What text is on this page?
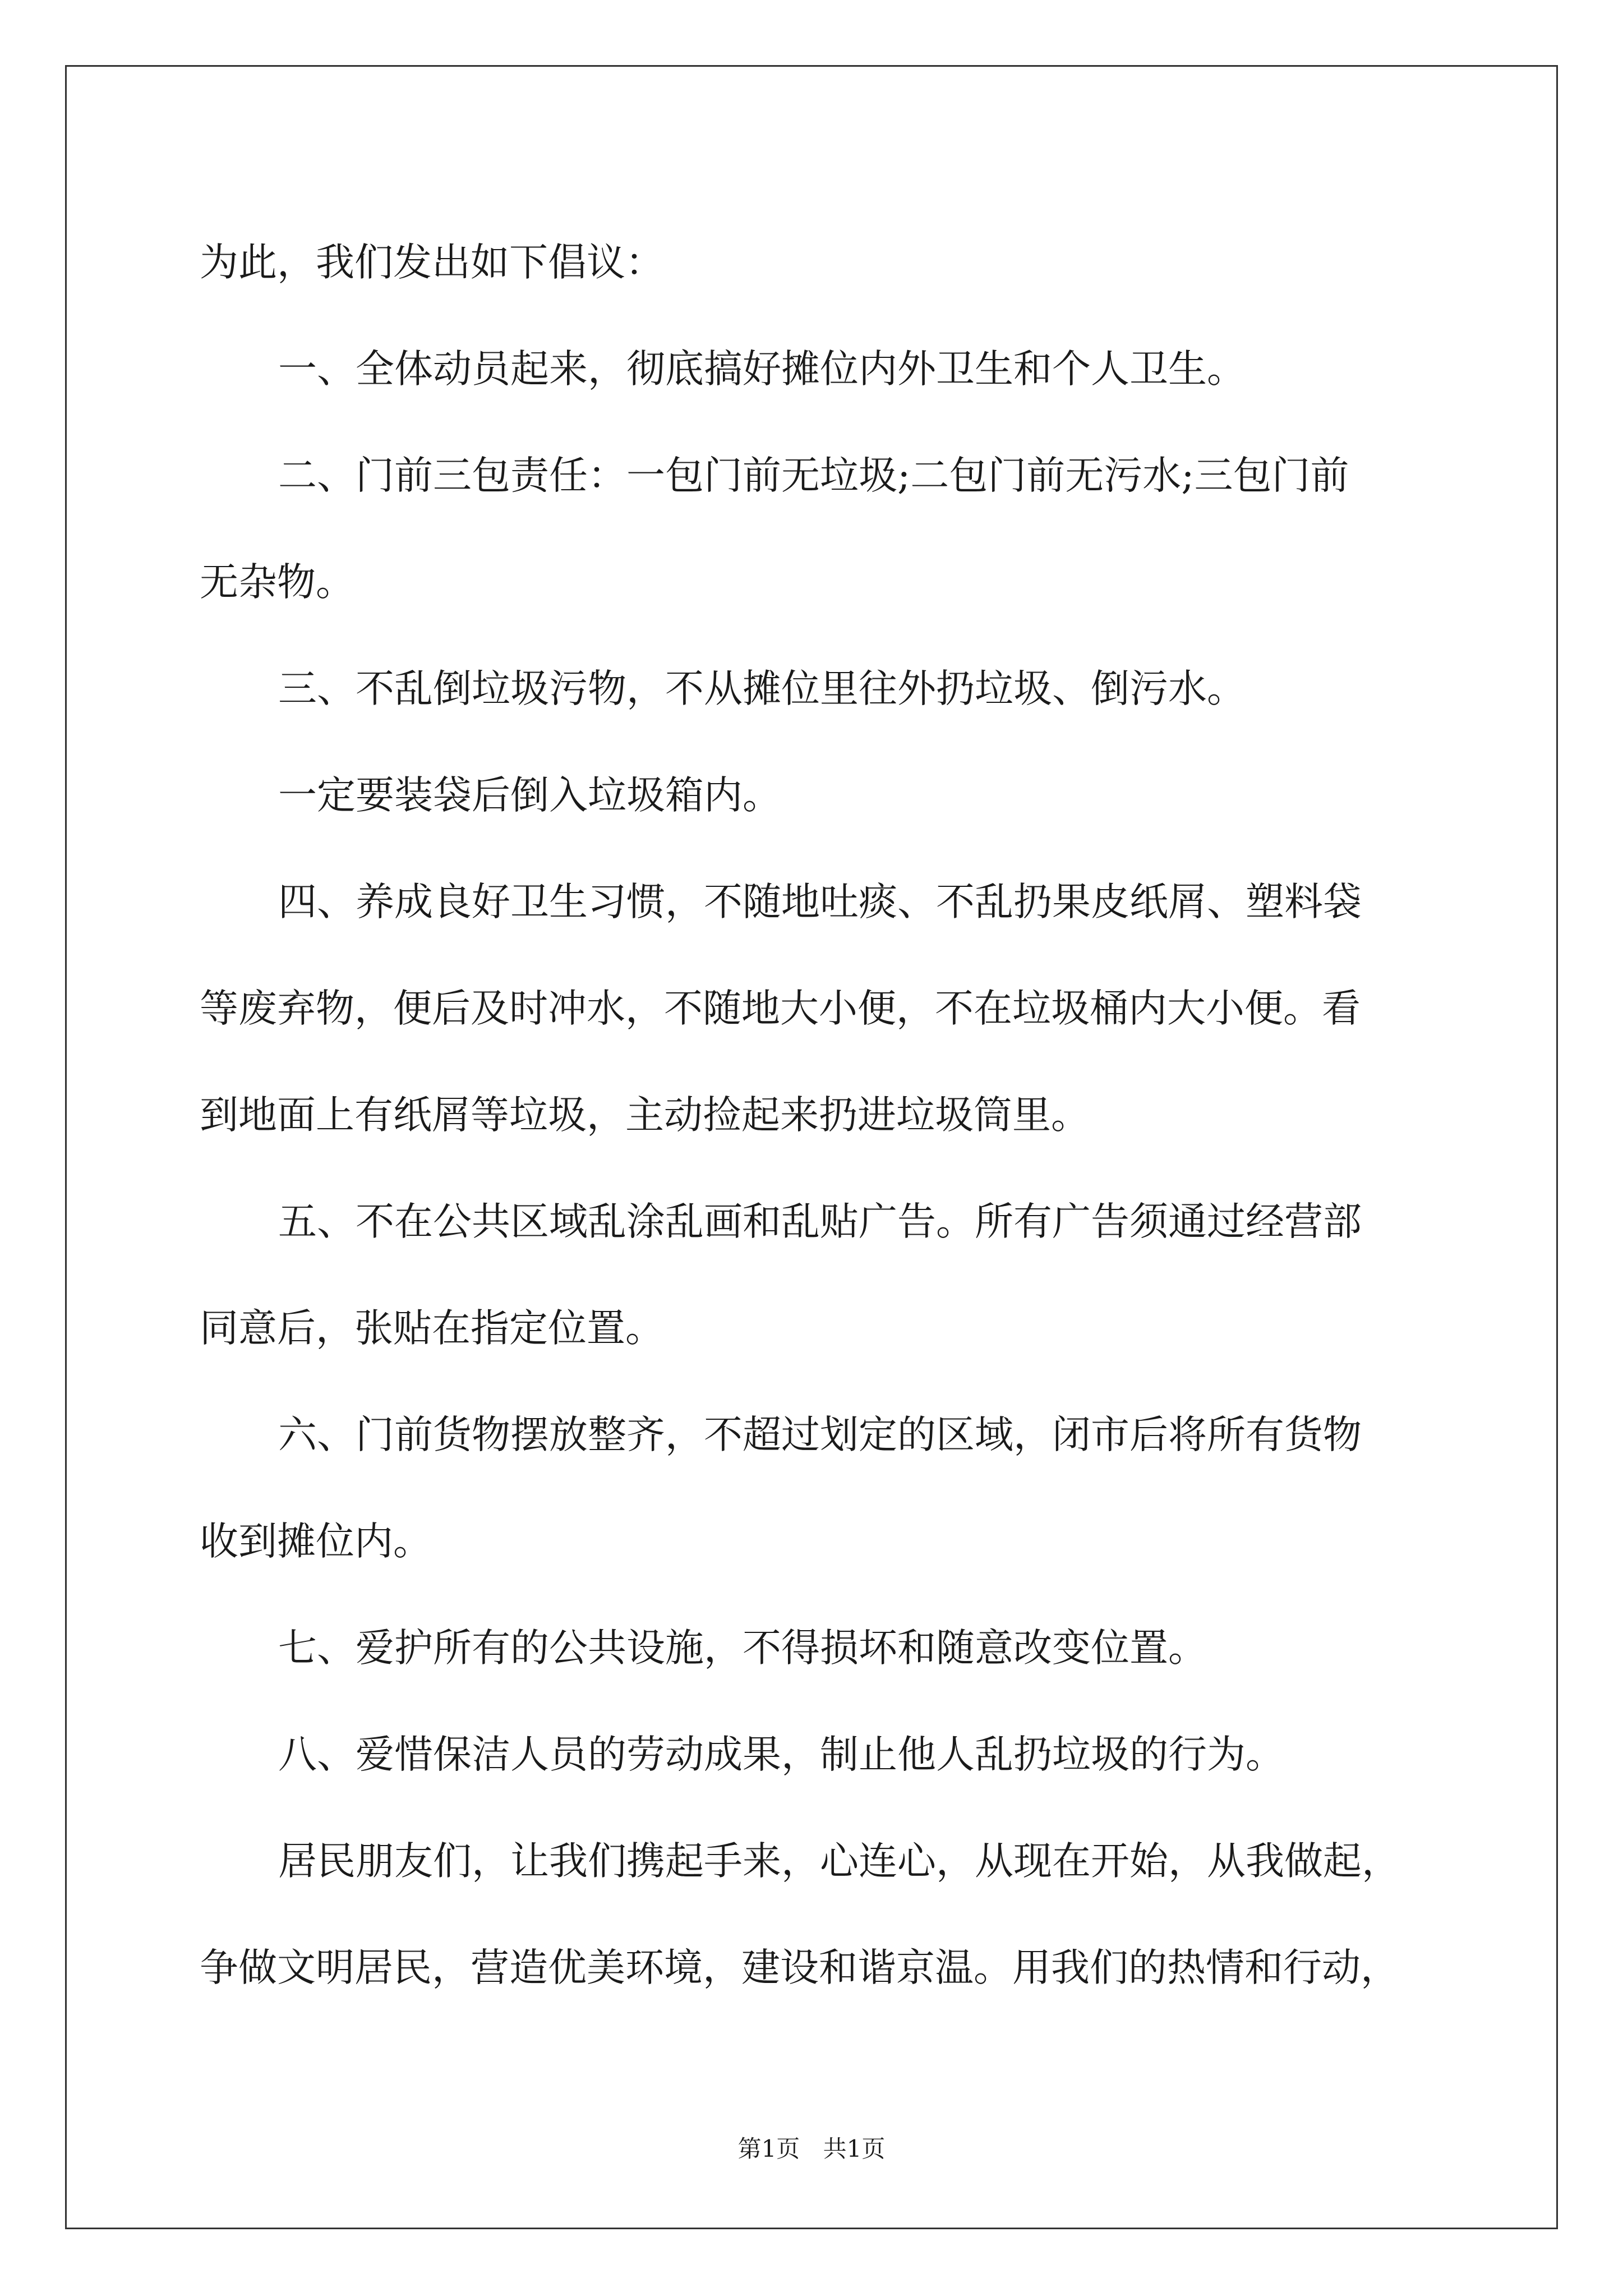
为此，我们发出如下倡议：

一、全体动员起来，彻底搞好摊位内外卫生和个人卫生。

二、门前三包责任：一包门前无垃圾;二包门前无污水;三包门前

无杂物。

三、不乱倒垃圾污物，不从摊位里往外扔垃圾、倒污水。

一定要装袋后倒入垃圾箱内。

四、养成良好卫生习惯，不随地吐痰、不乱扔果皮纸屑、塑料袋

等废弃物，便后及时冲水，不随地大小便，不在垃圾桶内大小便。看

到地面上有纸屑等垃圾，主动捡起来扔进垃圾筒里。

五、不在公共区域乱涂乱画和乱贴广告。所有广告须通过经营部

同意后，张贴在指定位置。

六、门前货物摆放整齐，不超过划定的区域，闭市后将所有货物

收到摊位内。

七、爱护所有的公共设施，不得损坏和随意改变位置。

八、爱惜保洁人员的劳动成果，制止他人乱扔垃圾的行为。

居民朋友们，让我们携起手来，心连心，从现在开始，从我做起，

争做文明居民，营造优美环境，建设和谐京温。用我们的热情和行动，

第1页 共1页
